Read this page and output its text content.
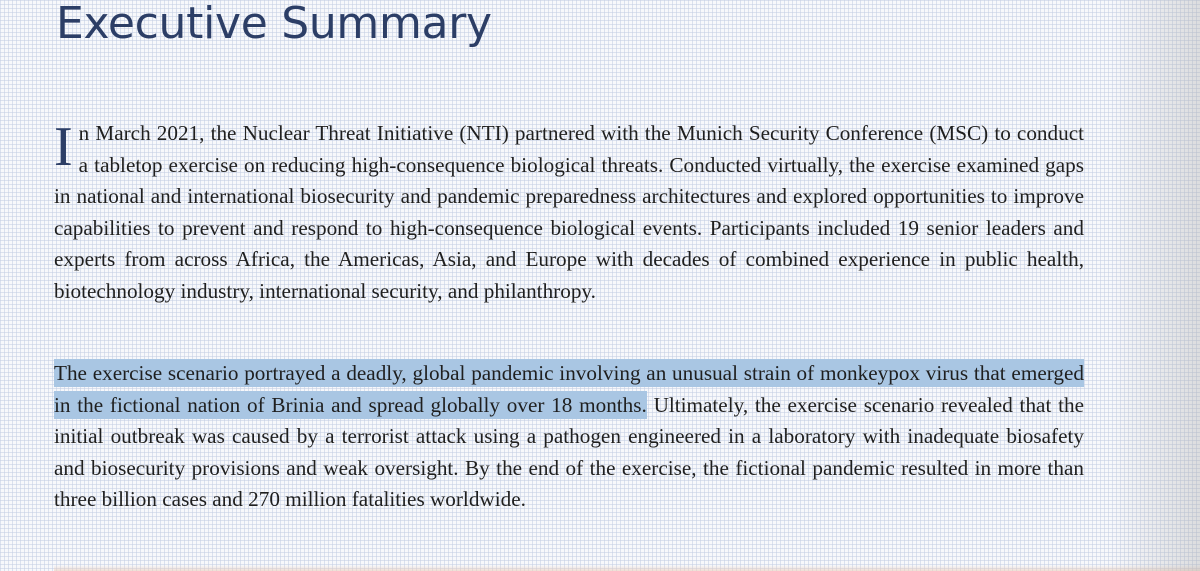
Executive Summary

In March 2021, the Nuclear Threat Initiative (NTI) partnered with the Munich Security Conference (MSC) to conduct a tabletop exercise on reducing high-consequence biological threats. Conducted virtually, the exercise examined gaps in national and international biosecurity and pandemic preparedness architectures and explored opportunities to improve capabilities to prevent and respond to high-consequence biological events. Participants included 19 senior leaders and experts from across Africa, the Americas, Asia, and Europe with decades of combined experience in public health, biotechnology industry, international security, and philanthropy.

The exercise scenario portrayed a deadly, global pandemic involving an unusual strain of monkeypox virus that emerged in the fictional nation of Brinia and spread globally over 18 months. Ultimately, the exercise scenario revealed that the initial outbreak was caused by a terrorist attack using a pathogen engineered in a laboratory with inadequate biosafety and biosecurity provisions and weak oversight. By the end of the exercise, the fictional pandemic resulted in more than three billion cases and 270 million fatalities worldwide.
